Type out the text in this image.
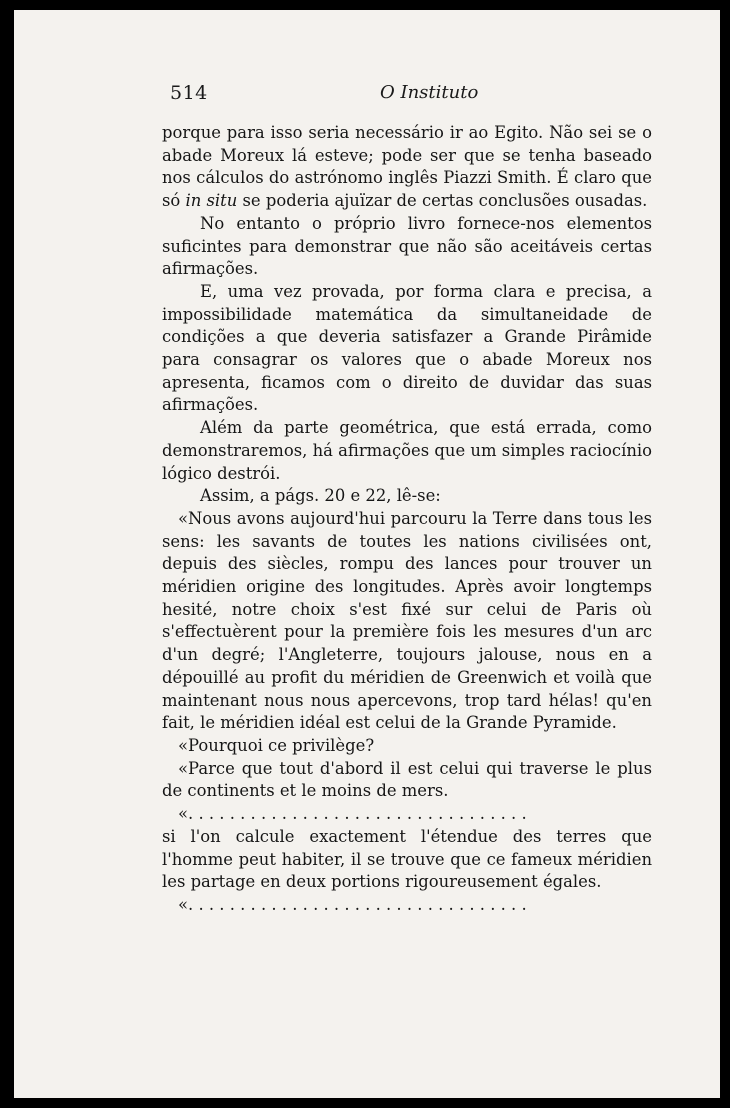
514	O Instituto

porque para isso seria necessário ir ao Egito. Não sei se o abade Moreux lá esteve; pode ser que se tenha baseado nos cálculos do astrónomo inglês Piazzi Smith. É claro que só in situ se poderia ajuïzar de certas conclusões ousadas.

No entanto o próprio livro fornece-nos elementos suficintes para demonstrar que não são aceitáveis certas afirmações.

E, uma vez provada, por forma clara e precisa, a impossibilidade matemática da simultaneidade de condições a que deveria satisfazer a Grande Pirâmide para consagrar os valores que o abade Moreux nos apresenta, ficamos com o direito de duvidar das suas afirmações.

Além da parte geométrica, que está errada, como demonstraremos, há afirmações que um simples raciocínio lógico destrói.

Assim, a págs. 20 e 22, lê-se:

«Nous avons aujourd'hui parcouru la Terre dans tous les sens: les savants de toutes les nations civilisées ont, depuis des siècles, rompu des lances pour trouver un méridien origine des longitudes. Après avoir longtemps hesité, notre choix s'est fixé sur celui de Paris où s'effectuèrent pour la première fois les mesures d'un arc d'un degré; l'Angleterre, toujours jalouse, nous en a dépouillé au profit du méridien de Greenwich et voilà que maintenant nous nous apercevons, trop tard hélas! qu'en fait, le méridien idéal est celui de la Grande Pyramide.

«Pourquoi ce privilège?

«Parce que tout d'abord il est celui qui traverse le plus de continents et le moins de mers.

«. . . . . . . . . . . . . . . . . . . . . . . . . . . . . . . . .

si l'on calcule exactement l'étendue des terres que l'homme peut habiter, il se trouve que ce fameux méridien les partage en deux portions rigoureusement égales.

«. . . . . . . . . . . . . . . . . . . . . . . . . . . . . . . . .
